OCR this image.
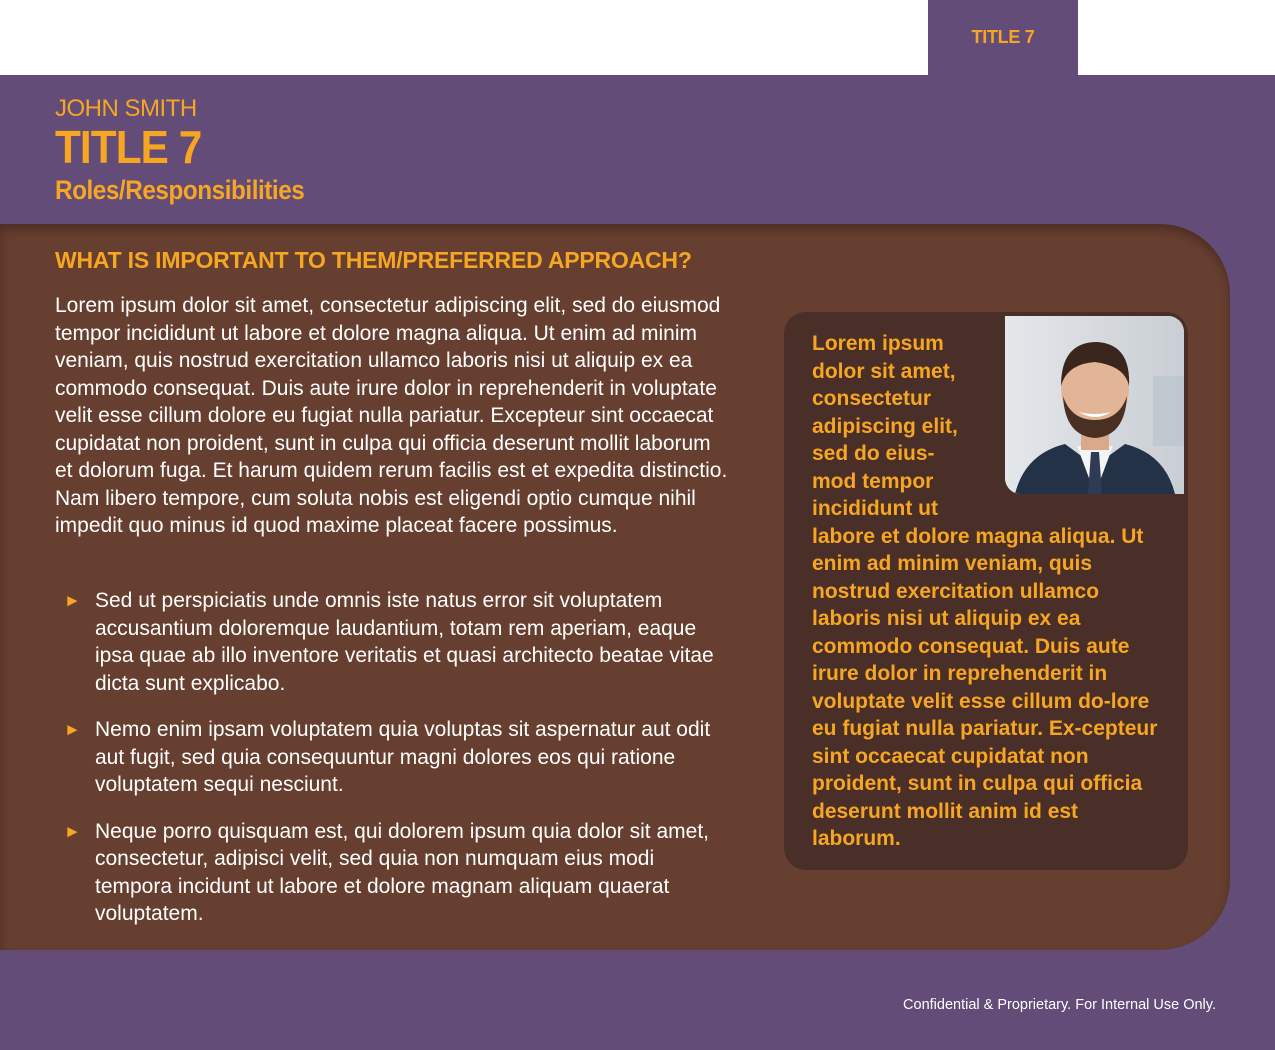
TITLE 7
JOHN SMITH
TITLE 7
Roles/Responsibilities
WHAT IS IMPORTANT TO THEM/PREFERRED APPROACH?
Lorem ipsum dolor sit amet, consectetur adipiscing elit, sed do eiusmod tempor incididunt ut labore et dolore magna aliqua. Ut enim ad minim veniam, quis nostrud exercitation ullamco laboris nisi ut aliquip ex ea commodo consequat. Duis aute irure dolor in reprehenderit in voluptate velit esse cillum dolore eu fugiat nulla pariatur. Excepteur sint occaecat cupidatat non proident, sunt in culpa qui officia deserunt mollit laborum et dolorum fuga. Et harum quidem rerum facilis est et expedita distinctio. Nam libero tempore, cum soluta nobis est eligendi optio cumque nihil impedit quo minus id quod maxime placeat facere possimus.
► Sed ut perspiciatis unde omnis iste natus error sit voluptatem accusantium doloremque laudantium, totam rem aperiam, eaque ipsa quae ab illo inventore veritatis et quasi architecto beatae vitae dicta sunt explicabo.
► Nemo enim ipsam voluptatem quia voluptas sit aspernatur aut odit aut fugit, sed quia consequuntur magni dolores eos qui ratione voluptatem sequi nesciunt.
► Neque porro quisquam est, qui dolorem ipsum quia dolor sit amet, consectetur, adipisci velit, sed quia non numquam eius modi tempora incidunt ut labore et dolore magnam aliquam quaerat voluptatem.
Lorem ipsum dolor sit amet, consectetur adipiscing elit, sed do eius-mod tempor incididunt ut labore et dolore magna aliqua. Ut enim ad minim veniam, quis nostrud exercitation ullamco laboris nisi ut aliquip ex ea commodo consequat. Duis aute irure dolor in reprehenderit in voluptate velit esse cillum do-lore eu fugiat nulla pariatur. Ex-cepteur sint occaecat cupidatat non proident, sunt in culpa qui officia deserunt mollit anim id est laborum.
Confidential & Proprietary. For Internal Use Only.
